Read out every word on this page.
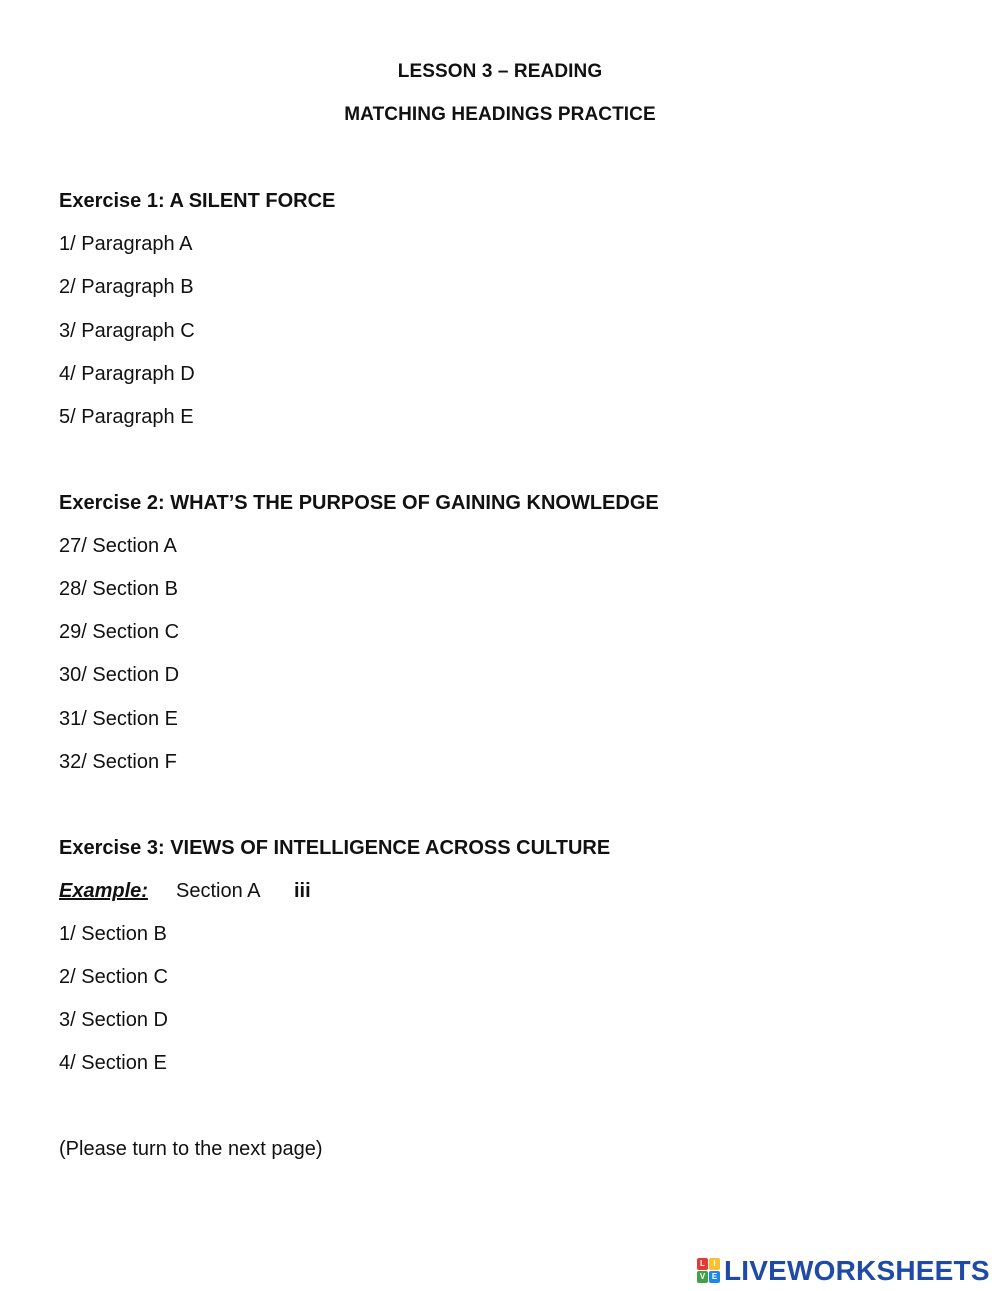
LESSON 3 – READING
MATCHING HEADINGS PRACTICE
Exercise 1: A SILENT FORCE
1/ Paragraph A
2/ Paragraph B
3/ Paragraph C
4/ Paragraph D
5/ Paragraph E
Exercise 2: WHAT’S THE PURPOSE OF GAINING KNOWLEDGE
27/ Section A
28/ Section B
29/ Section C
30/ Section D
31/ Section E
32/ Section F
Exercise 3: VIEWS OF INTELLIGENCE ACROSS CULTURE
Example: Section A iii
1/ Section B
2/ Section C
3/ Section D
4/ Section E
(Please turn to the next page)
L	I
V E LIVEWORKSHEETS
